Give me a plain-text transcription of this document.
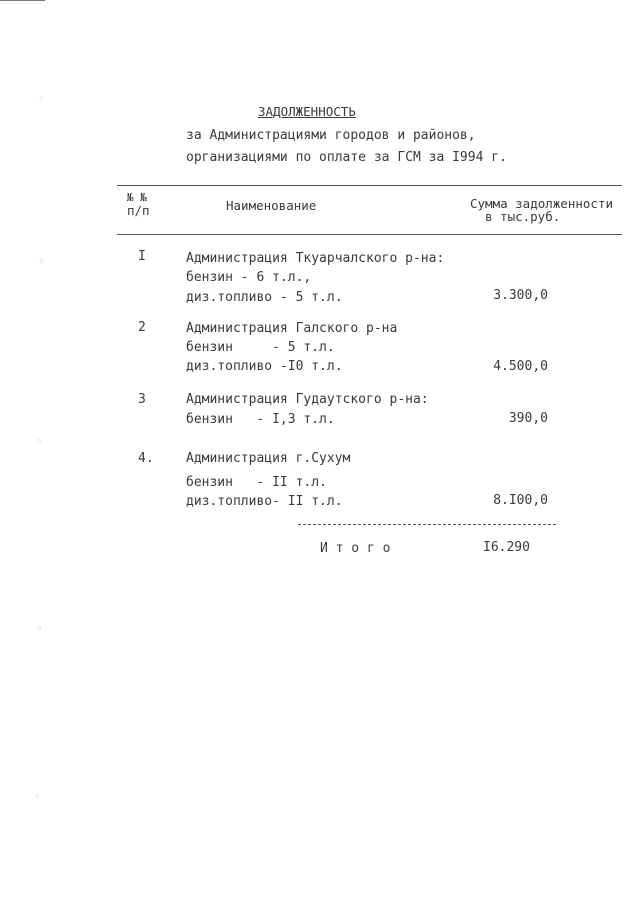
◦
◦
◦
◦
◦
ЗАДОЛЖЕННОСТЬ
за Администрациями городов и районов,
организациями по оплате за ГСМ за I994 г.
№ №
п/п	Наименование	Сумма задолженности
в тыс.руб.
I	Администрация Ткуарчалского р-на:
бензин - 6 т.л.,
диз.топливо - 5 т.л.	3.300,0
2	Администрация Галского р-на
бензин     - 5 т.л.
диз.топливо -I0 т.л.	4.500,0
3	Администрация Гудаутского р-на:
бензин   - I,3 т.л.	390,0
4. Администрация г.Сухум
бензин   - II т.л.
диз.топливо- II т.л.	8.I00,0
И т о г о	I6.290
